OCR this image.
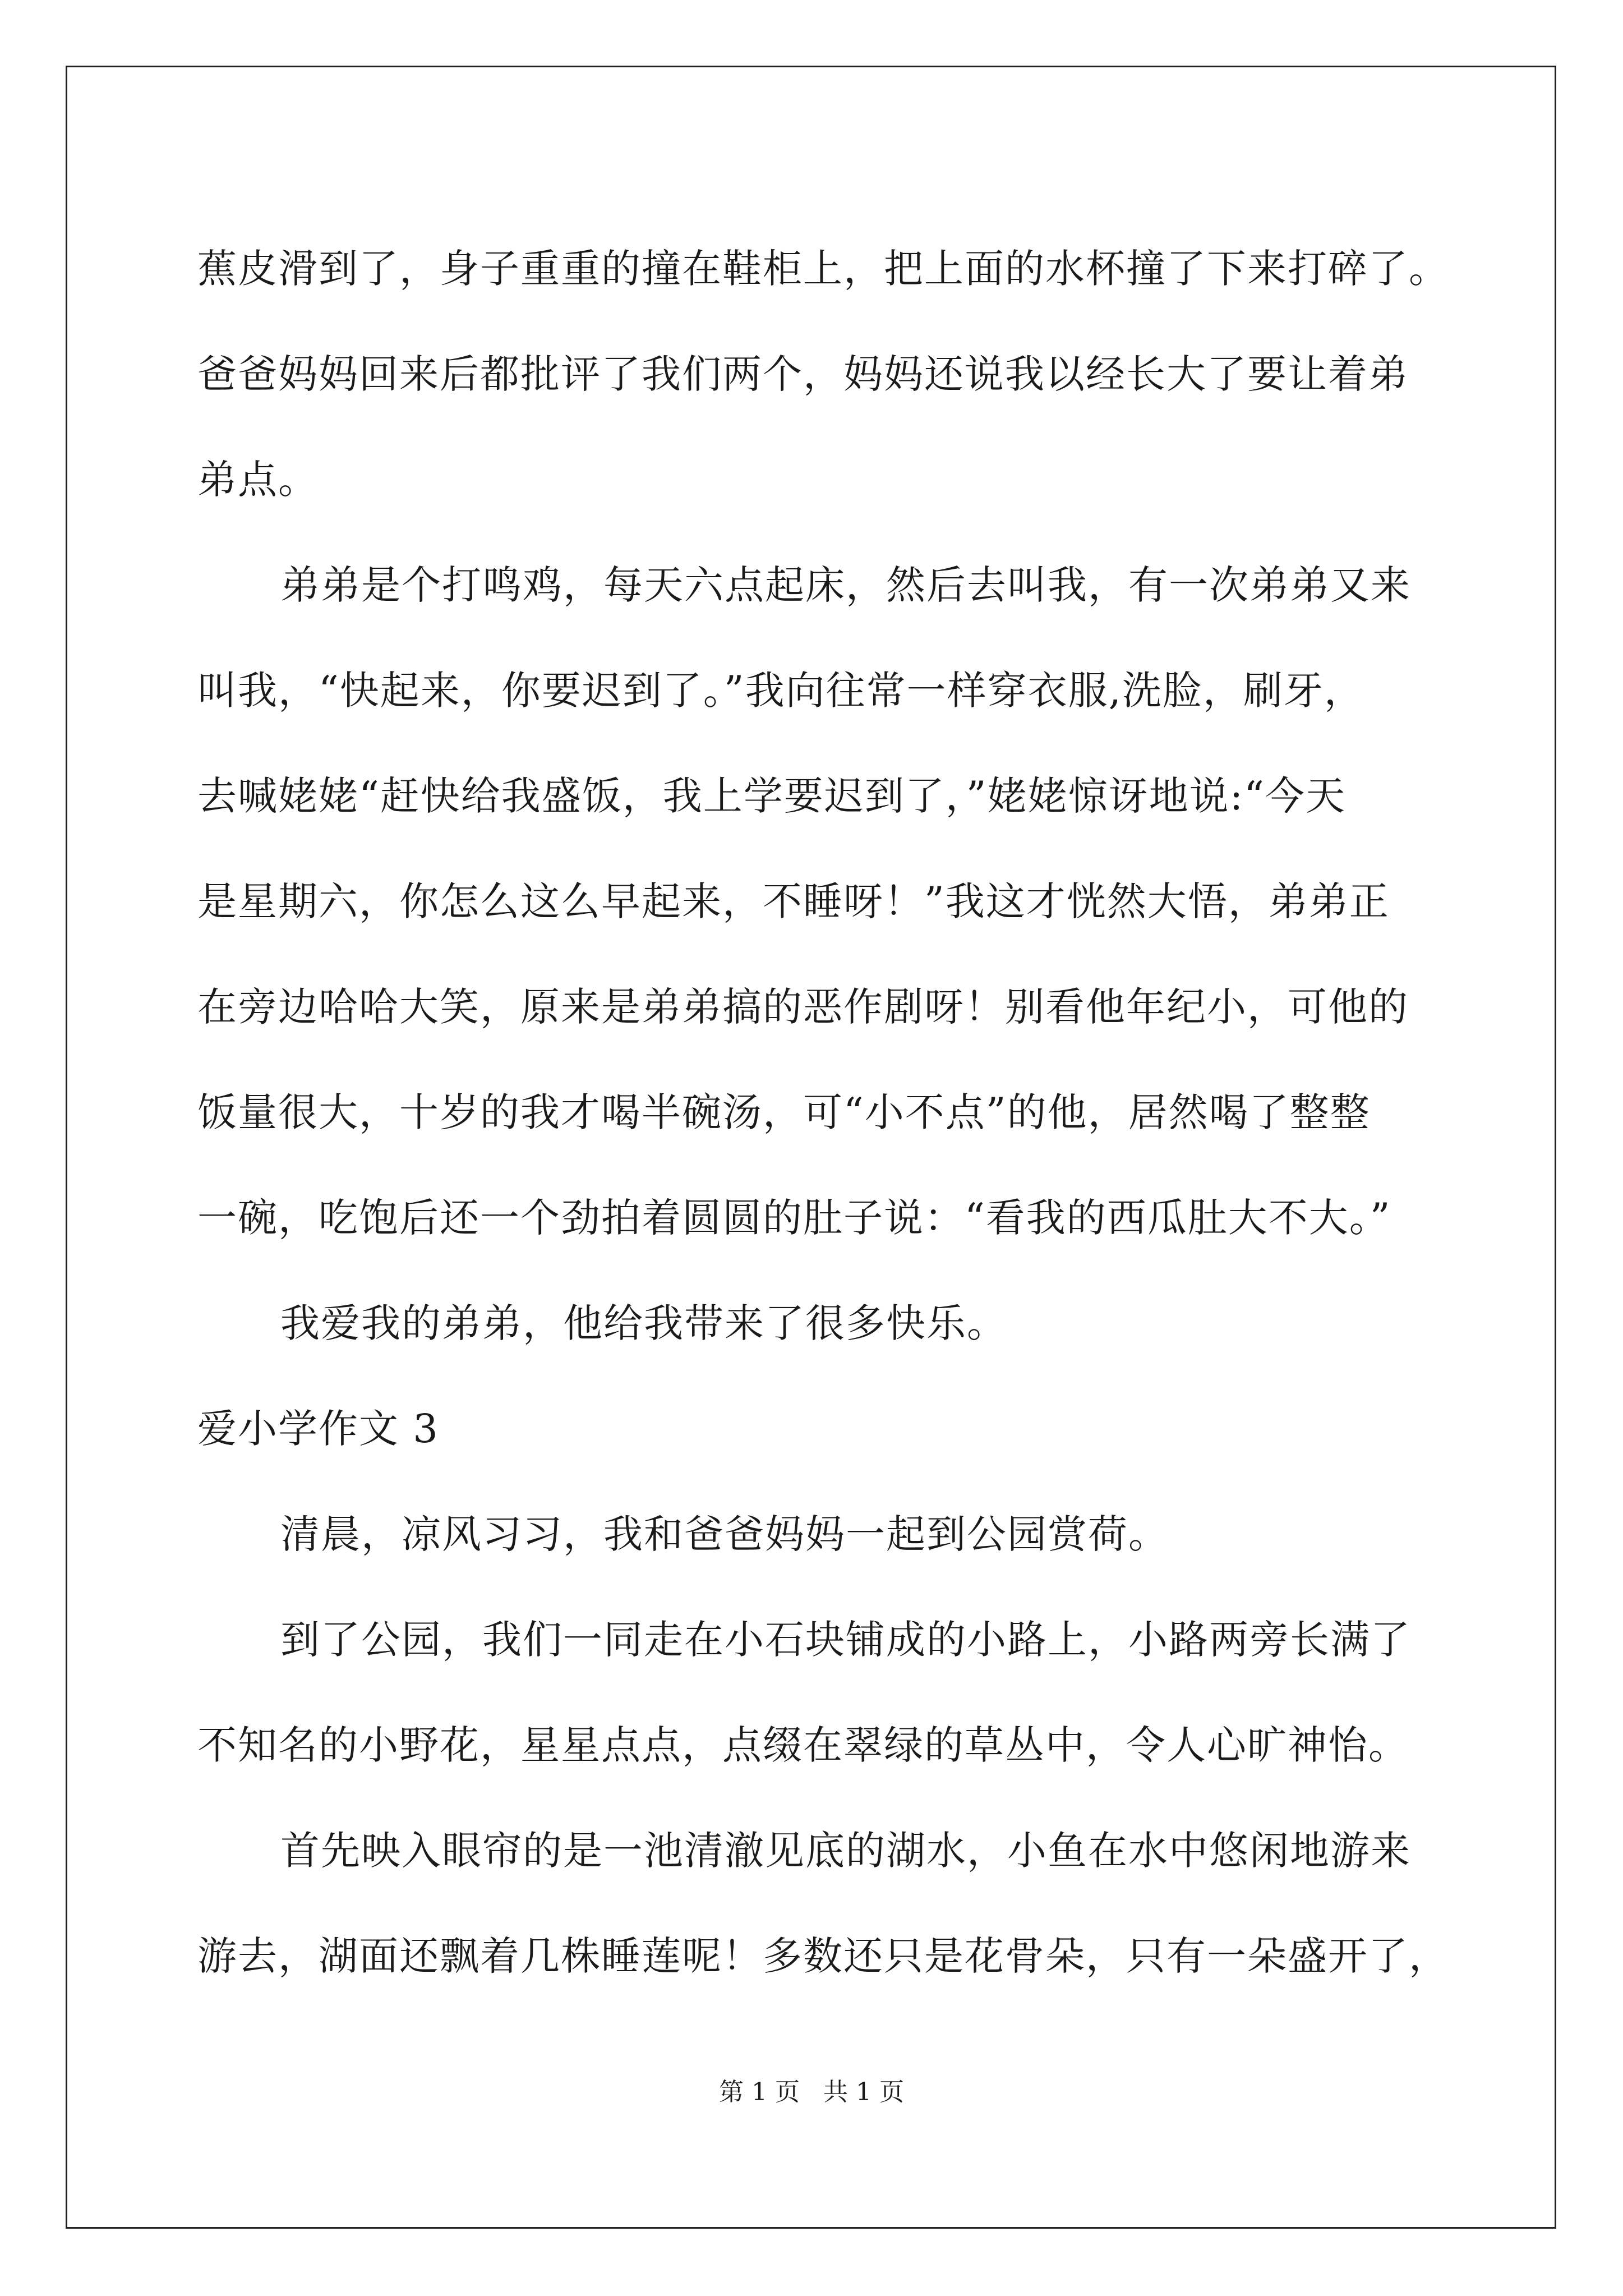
蕉皮滑到了，身子重重的撞在鞋柜上，把上面的水杯撞了下来打碎了。
爸爸妈妈回来后都批评了我们两个，妈妈还说我以经长大了要让着弟
弟点。
弟弟是个打鸣鸡，每天六点起床，然后去叫我，有一次弟弟又来
叫我，“快起来，你要迟到了。”我向往常一样穿衣服,洗脸，刷牙，
去喊姥姥“赶快给我盛饭，我上学要迟到了，”姥姥惊讶地说:“今天
是星期六，你怎么这么早起来，不睡呀！”我这才恍然大悟，弟弟正
在旁边哈哈大笑，原来是弟弟搞的恶作剧呀！别看他年纪小，可他的
饭量很大，十岁的我才喝半碗汤，可“小不点”的他，居然喝了整整
一碗，吃饱后还一个劲拍着圆圆的肚子说：“看我的西瓜肚大不大。”
我爱我的弟弟，他给我带来了很多快乐。
爱小学作文 3
清晨，凉风习习，我和爸爸妈妈一起到公园赏荷。
到了公园，我们一同走在小石块铺成的小路上，小路两旁长满了
不知名的小野花，星星点点，点缀在翠绿的草丛中，令人心旷神怡。
首先映入眼帘的是一池清澈见底的湖水，小鱼在水中悠闲地游来
游去，湖面还飘着几株睡莲呢！多数还只是花骨朵，只有一朵盛开了，
第 1 页   共 1 页
